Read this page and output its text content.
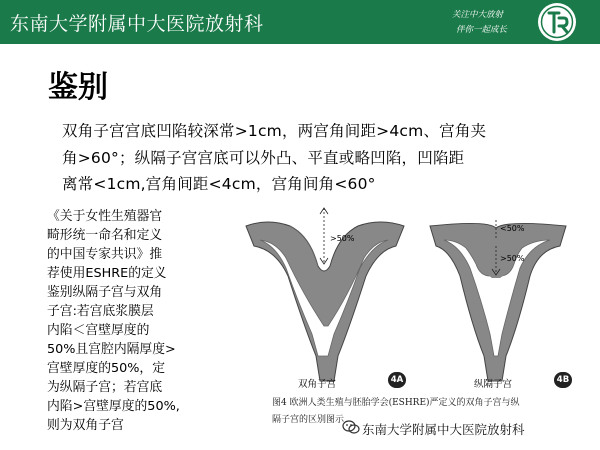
东南大学附属中大医院放射科	关注中大放射
伴你一起成长
鉴别
双角子宫宫底凹陷较深常>1cm，两宫角间距>4cm、宫角夹
角>60°；纵隔子宫宫底可以外凸、平直或略凹陷，凹陷距
离常<1cm,宫角间距<4cm，宫角间角<60°
《关于女性生殖器官
畸形统一命名和定义
的中国专家共识》推
荐使用ESHRE的定义
鉴别纵隔子宫与双角
子宫:若宫底浆膜层
内陷＜宫壁厚度的
50%且宫腔内隔厚度>
宫壁厚度的50%，定
为纵隔子宫；若宫底
内陷>宫壁厚度的50%,
则为双角子宫
>50%
<50%
>50%
双角子宫	4A	纵隔子宫	4B
图4 欧洲人类生殖与胚胎学会(ESHRE)严定义的双角子宫与纵
隔子宫的区别图示
东南大学附属中大医院放射科
